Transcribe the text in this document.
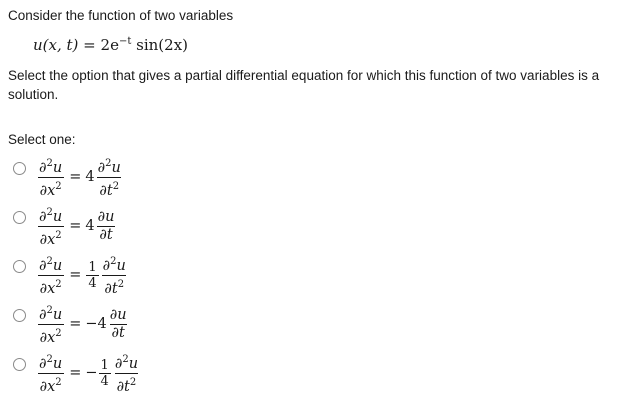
Consider the function of two variables
u(x, $t) = 2e^{-t}$ sin(2x)
Select the option that gives a partial differential equation for which this function of two variables is a solution.
Select one:
$\frac{\partial^2u}{\partial x^2} = 4 \frac{\partial^2u}{\partial t^2}$
$\frac{\partial^2u}{\partial x^2} = 4 \frac{\partial u}{\partial t}$
$\frac{\partial^2u}{\partial x^2} = \frac{1}{4} \frac{\partial^2u}{\partial t^2}$
$\frac{\partial^2u}{\partial x^2} = -4 \frac{\partial u}{\partial t}$
$\frac{\partial^2u}{\partial x^2}$ = − $\frac{1}{4} \frac{\partial^2u}{\partial t^2}$
